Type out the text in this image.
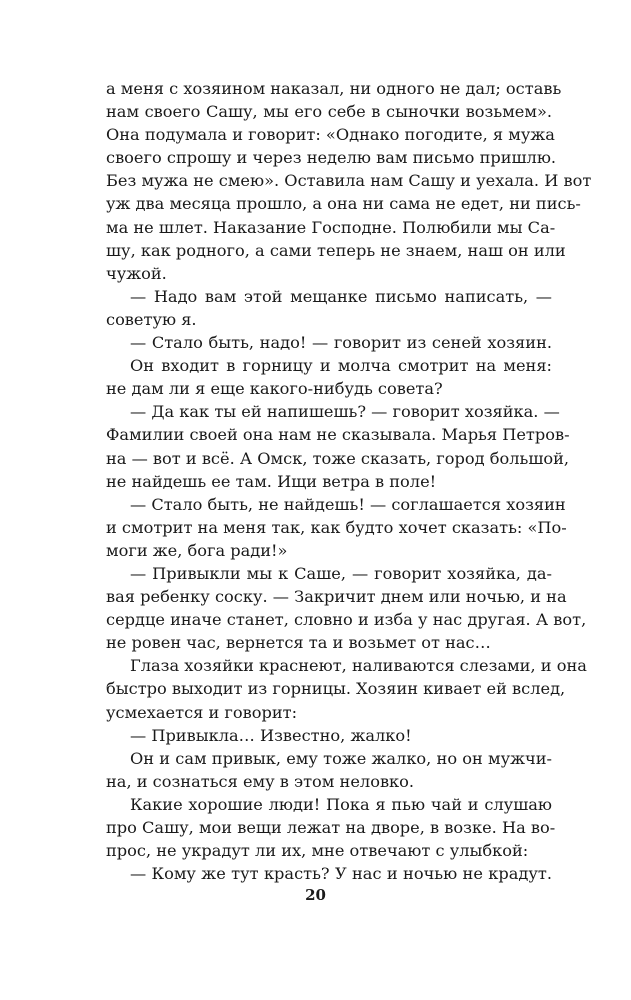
а меня с хозяином наказал, ни одного не дал; оставь
нам своего Сашу, мы его себе в сыночки возьмем».
Она подумала и говорит: «Однако погодите, я мужа
своего спрошу и через неделю вам письмо пришлю.
Без мужа не смею». Оставила нам Сашу и уехала. И вот
уж два месяца прошло, а она ни сама не едет, ни пись-
ма не шлет. Наказание Господне. Полюбили мы Са-
шу, как родного, а сами теперь не знаем, наш он или
чужой.
— Надо вам этой мещанке письмо написать, —
советую я.
— Стало быть, надо! — говорит из сеней хозяин.
Он входит в горницу и молча смотрит на меня:
не дам ли я еще какого-нибудь совета?
— Да как ты ей напишешь? — говорит хозяйка. —
Фамилии своей она нам не сказывала. Марья Петров-
на — вот и всё. А Омск, тоже сказать, город большой,
не найдешь ее там. Ищи ветра в поле!
— Стало быть, не найдешь! — соглашается хозяин
и смотрит на меня так, как будто хочет сказать: «По-
моги же, бога ради!»
— Привыкли мы к Саше, — говорит хозяйка, да-
вая ребенку соску. — Закричит днем или ночью, и на
сердце иначе станет, словно и изба у нас другая. А вот,
не ровен час, вернется та и возьмет от нас…
Глаза хозяйки краснеют, наливаются слезами, и она
быстро выходит из горницы. Хозяин кивает ей вслед,
усмехается и говорит:
— Привыкла… Известно, жалко!
Он и сам привык, ему тоже жалко, но он мужчи-
на, и сознаться ему в этом неловко.
Какие хорошие люди! Пока я пью чай и слушаю
про Сашу, мои вещи лежат на дворе, в возке. На во-
прос, не украдут ли их, мне отвечают с улыбкой:
— Кому же тут красть? У нас и ночью не крадут.
20
